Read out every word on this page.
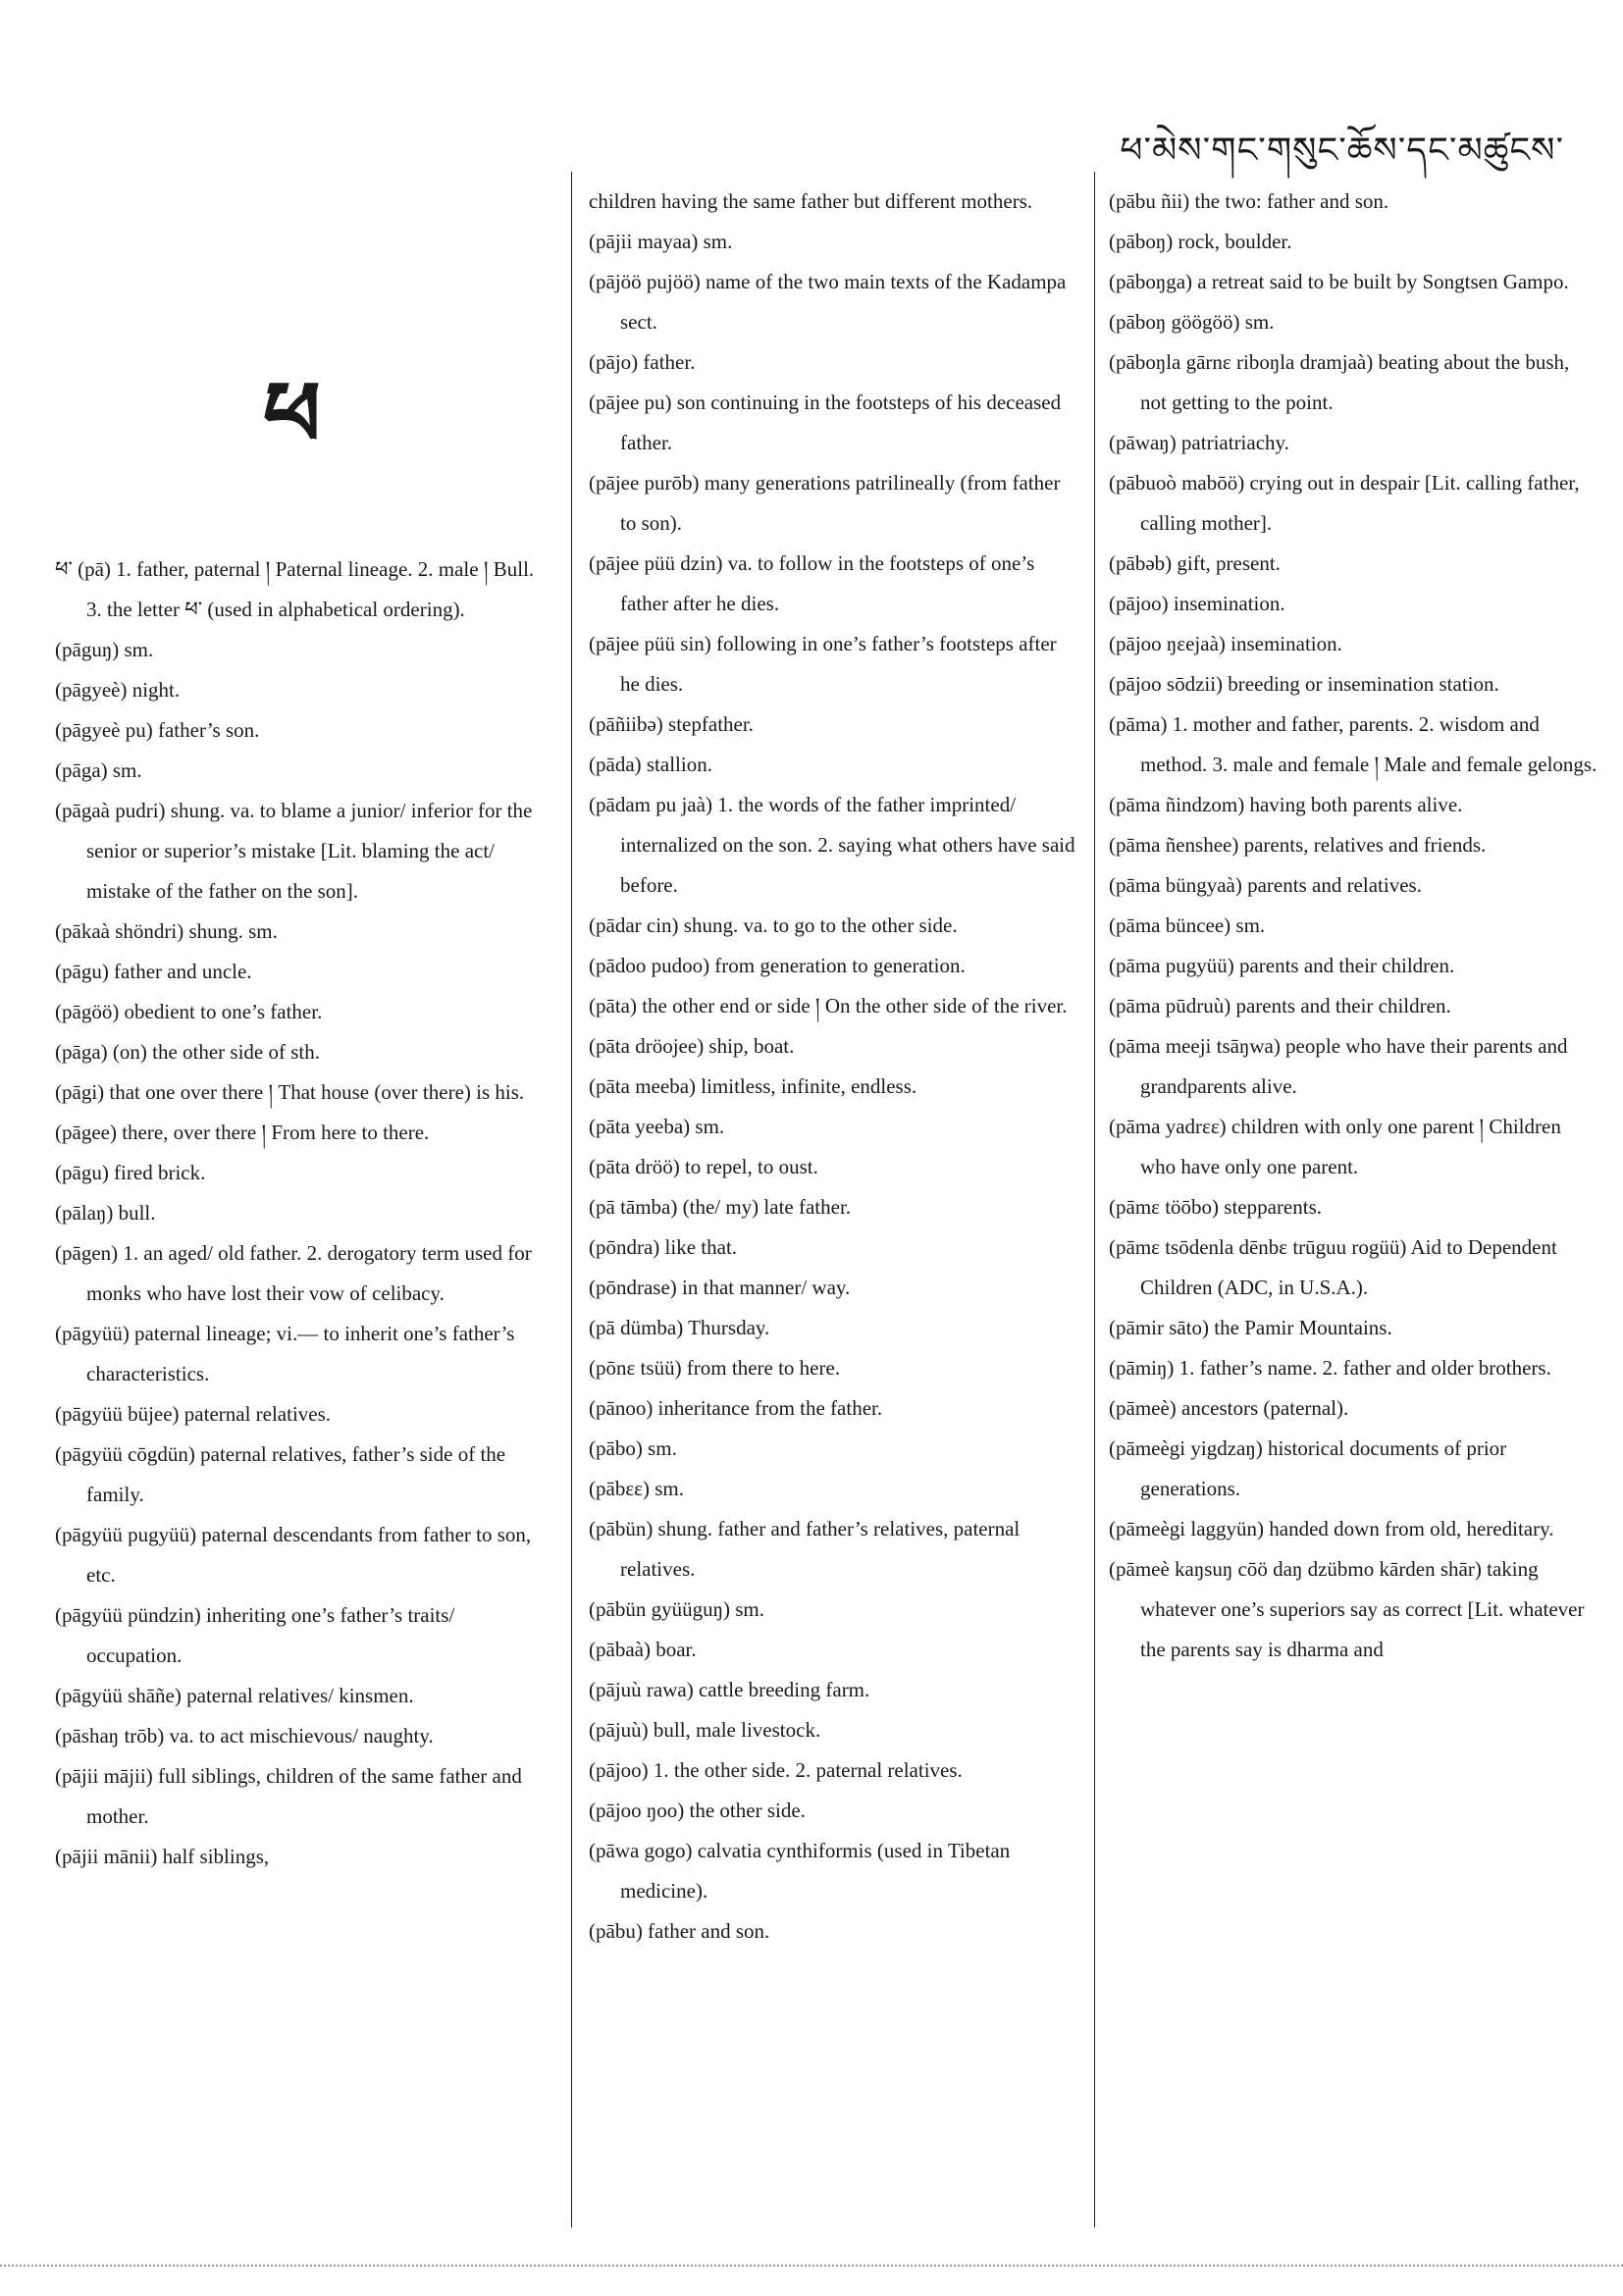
ཕ་མེས་གང་གསུང་ཆོས་དང་མཚུངས་
ཕ

ཕ་ (pā) 1. father, paternal ། Paternal lineage. 2. male ། Bull. 3. the letter ཕ་ (used in alphabetical ordering).

(pāguŋ) sm.

(pāgyeè) night.

(pāgyeè pu) father’s son.

(pāga) sm.

(pāgaà pudri) shung. va. to blame a junior/ inferior for the senior or superior’s mistake [Lit. blaming the act/ mistake of the father on the son].

(pākaà shöndri) shung. sm.

(pāgu) father and uncle.

(pāgöö) obedient to one’s father.

(pāga) (on) the other side of sth.

(pāgi) that one over there ། That house (over there) is his.

(pāgee) there, over there ། From here to there.

(pāgu) fired brick.

(pālaŋ) bull.

(pāgen) 1. an aged/ old father. 2. derogatory term used for monks who have lost their vow of celibacy.

(pāgyüü) paternal lineage; vi.— to inherit one’s father’s characteristics.

(pāgyüü büjee) paternal relatives.

(pāgyüü cōgdün) paternal relatives, father’s side of the family.

(pāgyüü pugyüü) paternal descendants from father to son, etc.

(pāgyüü pündzin) inheriting one’s father’s traits/ occupation.

(pāgyüü shāñe) paternal relatives/ kinsmen.

(pāshaŋ trōb) va. to act mischievous/ naughty.

(pājii mājii) full siblings, children of the same father and mother.

(pājii mānii) half siblings,

children having the same father but different mothers.

(pājii mayaa) sm.

(pājöö pujöö) name of the two main texts of the Kadampa sect.

(pājo) father.

(pājee pu) son continuing in the footsteps of his deceased father.

(pājee purōb) many generations patrilineally (from father to son).

(pājee püü dzin) va. to follow in the footsteps of one’s father after he dies.

(pājee püü sin) following in one’s father’s footsteps after he dies.

(pāñiibə) stepfather.

(pāda) stallion.

(pādam pu jaà) 1. the words of the father imprinted/ internalized on the son. 2. saying what others have said before.

(pādar cin) shung. va. to go to the other side.

(pādoo pudoo) from generation to generation.

(pāta) the other end or side ། On the other side of the river.

(pāta dröojee) ship, boat.

(pāta meeba) limitless, infinite, endless.

(pāta yeeba) sm.

(pāta dröö) to repel, to oust.

(pā tāmba) (the/ my) late father.

(pōndra) like that.

(pōndrase) in that manner/ way.

(pā dümba) Thursday.

(pōnε tsüü) from there to here.

(pānoo) inheritance from the father.

(pābo) sm.

(pābεε) sm.

(pābün) shung. father and father’s relatives, paternal relatives.

(pābün gyüüguŋ) sm.

(pābaà) boar.

(pājuù rawa) cattle breeding farm.

(pājuù) bull, male livestock.

(pājoo) 1. the other side. 2. paternal relatives.

(pājoo ŋoo) the other side.

(pāwa gogo) calvatia cynthiformis (used in Tibetan medicine).

(pābu) father and son.

(pābu ñii) the two: father and son.

(pāboŋ) rock, boulder.

(pāboŋga) a retreat said to be built by Songtsen Gampo.

(pāboŋ göögöö) sm.

(pāboŋla gārnε riboŋla dramjaà) beating about the bush, not getting to the point.

(pāwaŋ) patriatriachy.

(pābuoò mabōö) crying out in despair [Lit. calling father, calling mother].

(pābəb) gift, present.

(pājoo) insemination.

(pājoo ŋεejaà) insemination.

(pājoo sōdzii) breeding or insemination station.

(pāma) 1. mother and father, parents. 2. wisdom and method. 3. male and female ། Male and female gelongs.

(pāma ñindzom) having both parents alive.

(pāma ñenshee) parents, relatives and friends.

(pāma büngyaà) parents and relatives.

(pāma büncee) sm.

(pāma pugyüü) parents and their children.

(pāma pūdruù) parents and their children.

(pāma meeji tsāŋwa) people who have their parents and grandparents alive.

(pāma yadrεε) children with only one parent ། Children who have only one parent.

(pāmε töōbo) stepparents.

(pāmε tsōdenla dēnbε trūguu rogüü) Aid to Dependent Children (ADC, in U.S.A.).

(pāmir sāto) the Pamir Mountains.

(pāmiŋ) 1. father’s name. 2. father and older brothers.

(pāmeè) ancestors (paternal).

(pāmeègi yigdzaŋ) historical documents of prior generations.

(pāmeègi laggyün) handed down from old, hereditary.

(pāmeè kaŋsuŋ cōö daŋ dzübmo kārden shār) taking whatever one’s superiors say as correct [Lit. whatever the parents say is dharma and
